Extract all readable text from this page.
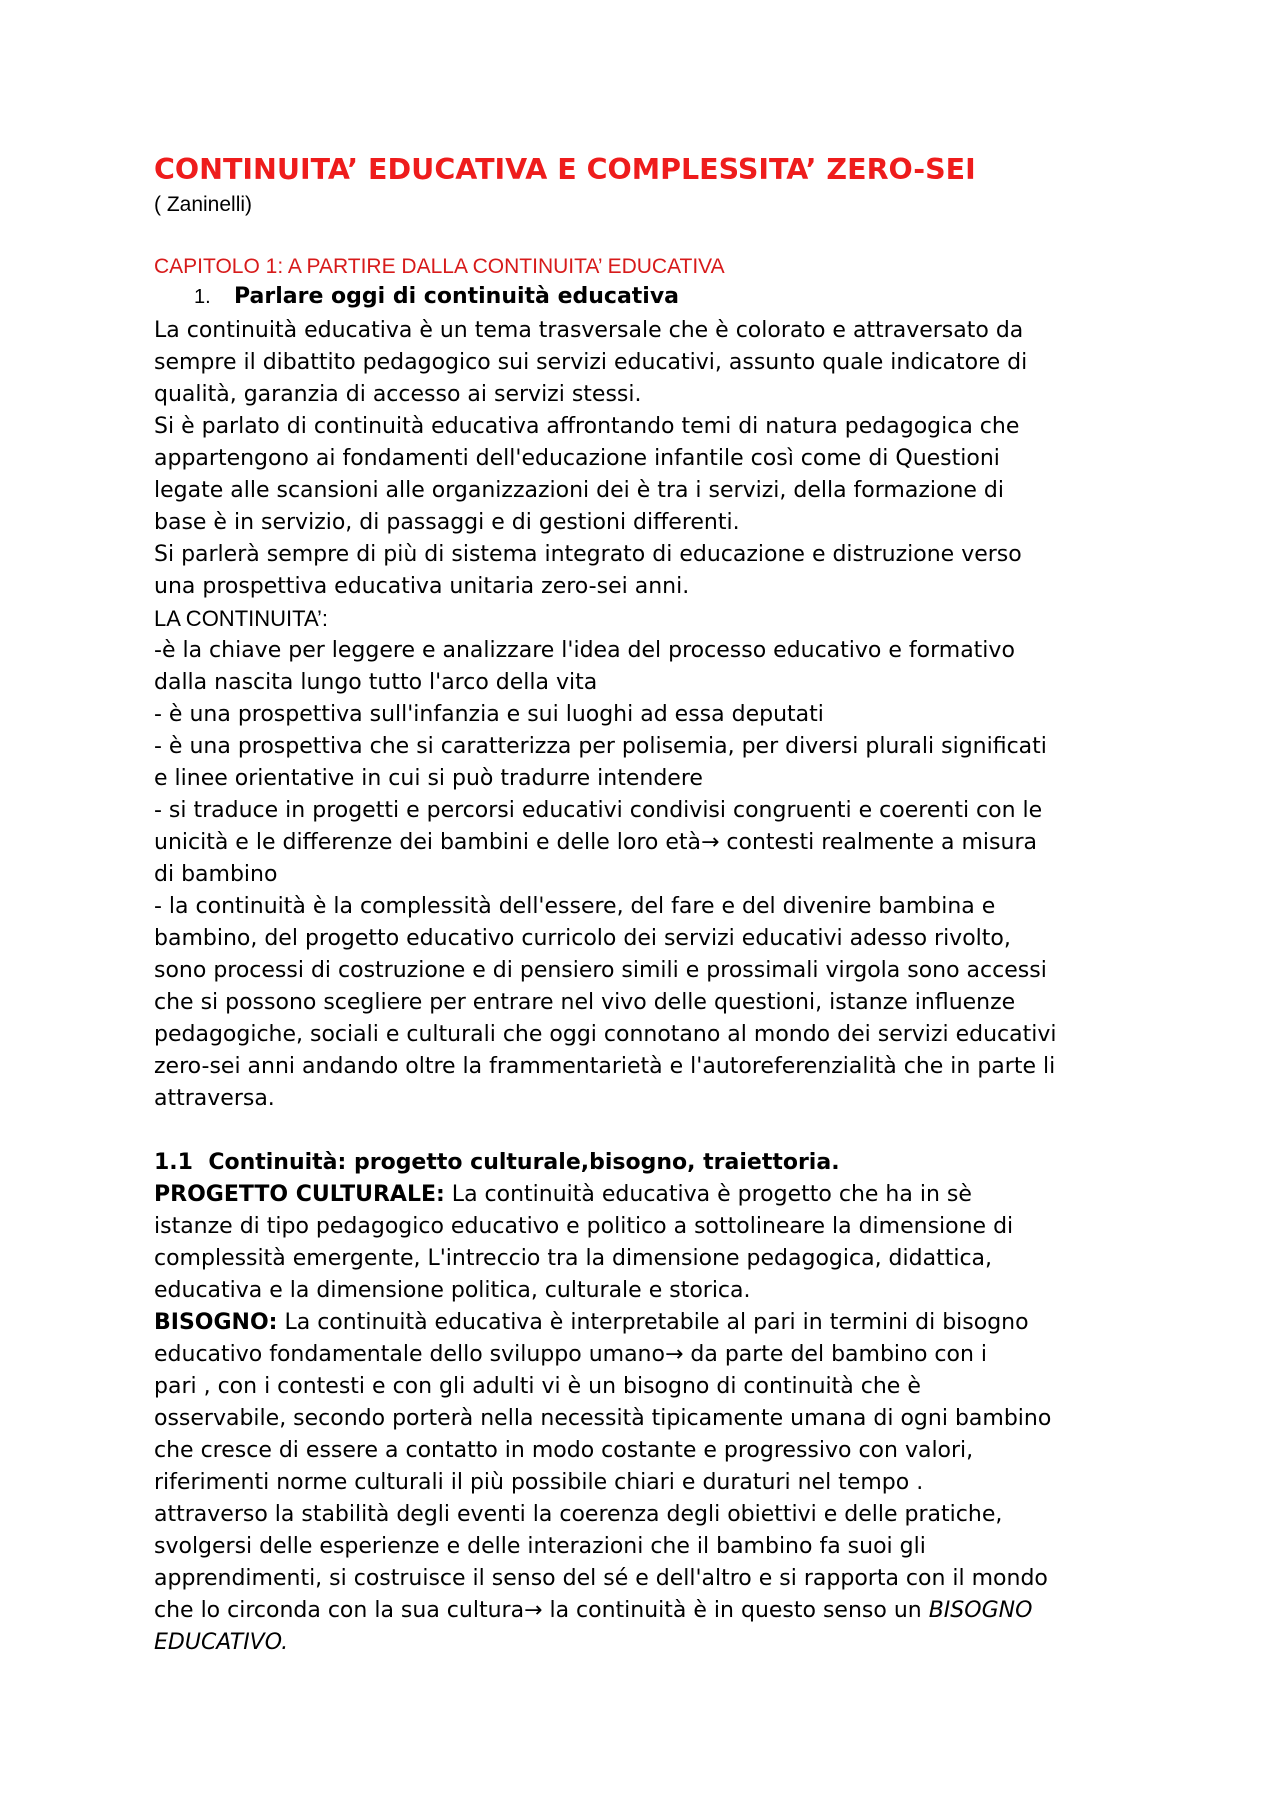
CONTINUITA’ EDUCATIVA E COMPLESSITA’ ZERO-SEI

( Zaninelli)

CAPITOLO 1: A PARTIRE DALLA CONTINUITA’ EDUCATIVA

1. Parlare oggi di continuità educativa

La continuità educativa è un tema trasversale che è colorato e attraversato da
sempre il dibattito pedagogico sui servizi educativi, assunto quale indicatore di
qualità, garanzia di accesso ai servizi stessi.
Si è parlato di continuità educativa affrontando temi di natura pedagogica che
appartengono ai fondamenti dell'educazione infantile così come di Questioni
legate alle scansioni alle organizzazioni dei è tra i servizi, della formazione di
base è in servizio, di passaggi e di gestioni differenti.
Si parlerà sempre di più di sistema integrato di educazione e distruzione verso
una prospettiva educativa unitaria zero-sei anni.
LA CONTINUITA’:
-è la chiave per leggere e analizzare l'idea del processo educativo e formativo
dalla nascita lungo tutto l'arco della vita
- è una prospettiva sull'infanzia e sui luoghi ad essa deputati
- è una prospettiva che si caratterizza per polisemia, per diversi plurali significati
e linee orientative in cui si può tradurre intendere
- si traduce in progetti e percorsi educativi condivisi congruenti e coerenti con le
unicità e le differenze dei bambini e delle loro età→ contesti realmente a misura
di bambino
- la continuità è la complessità dell'essere, del fare e del divenire bambina e
bambino, del progetto educativo curricolo dei servizi educativi adesso rivolto,
sono processi di costruzione e di pensiero simili e prossimali virgola sono accessi
che si possono scegliere per entrare nel vivo delle questioni, istanze influenze
pedagogiche, sociali e culturali che oggi connotano al mondo dei servizi educativi
zero-sei anni andando oltre la frammentarietà e l'autoreferenzialità che in parte li
attraversa.
1.1 Continuità: progetto culturale,bisogno, traiettoria.
PROGETTO CULTURALE: La continuità educativa è progetto che ha in sè
istanze di tipo pedagogico educativo e politico a sottolineare la dimensione di
complessità emergente, L'intreccio tra la dimensione pedagogica, didattica,
educativa e la dimensione politica, culturale e storica.
BISOGNO: La continuità educativa è interpretabile al pari in termini di bisogno
educativo fondamentale dello sviluppo umano→ da parte del bambino con i
pari , con i contesti e con gli adulti vi è un bisogno di continuità che è
osservabile, secondo porterà nella necessità tipicamente umana di ogni bambino
che cresce di essere a contatto in modo costante e progressivo con valori,
riferimenti norme culturali il più possibile chiari e duraturi nel tempo .
attraverso la stabilità degli eventi la coerenza degli obiettivi e delle pratiche,
svolgersi delle esperienze e delle interazioni che il bambino fa suoi gli
apprendimenti, si costruisce il senso del sé e dell'altro e si rapporta con il mondo
che lo circonda con la sua cultura→ la continuità è in questo senso un BISOGNO
EDUCATIVO.
